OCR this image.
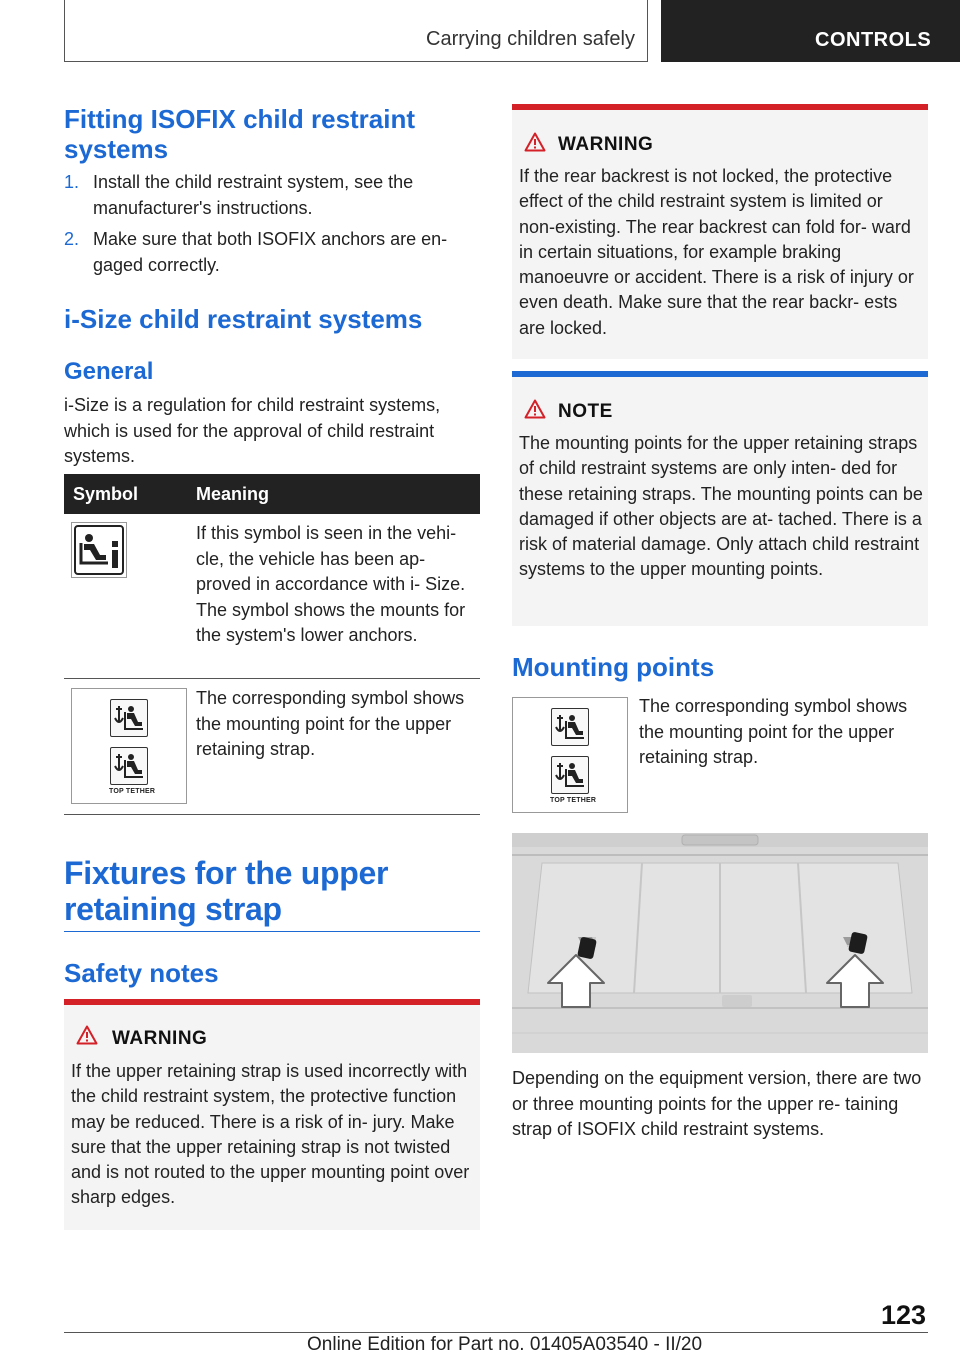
Carrying children safely	CONTROLS
Fitting ISOFIX child restraint systems
1. Install the child restraint system, see the manufacturer's instructions.
2. Make sure that both ISOFIX anchors are en‐ gaged correctly.
i-Size child restraint systems
General

i-Size is a regulation for child restraint systems, which is used for the approval of child restraint systems.

Symbol	Meaning

If this symbol is seen in the vehi‐ cle, the vehicle has been ap‐ proved in accordance with i- Size. The symbol shows the mounts for the system's lower anchors.

TOP TETHER

The corresponding symbol shows the mounting point for the upper retaining strap.

Fixtures for the upper retaining strap
Safety notes
WARNING

If the upper retaining strap is used incorrectly with the child restraint system, the protective function may be reduced. There is a risk of in‐ jury. Make sure that the upper retaining strap is not twisted and is not routed to the upper mounting point over sharp edges.

WARNING

If the rear backrest is not locked, the protective effect of the child restraint system is limited or non-existing. The rear backrest can fold for‐ ward in certain situations, for example braking manoeuvre or accident. There is a risk of injury or even death. Make sure that the rear backr‐ ests are locked.

NOTE

The mounting points for the upper retaining straps of child restraint systems are only inten‐ ded for these retaining straps. The mounting points can be damaged if other objects are at‐ tached. There is a risk of material damage. Only attach child restraint systems to the upper mounting points.

Mounting points
TOP TETHER

The corresponding symbol shows the mounting point for the upper retaining strap.

Depending on the equipment version, there are two or three mounting points for the upper re‐ taining strap of ISOFIX child restraint systems.

123
Online Edition for Part no. 01405A03540 - II/20
